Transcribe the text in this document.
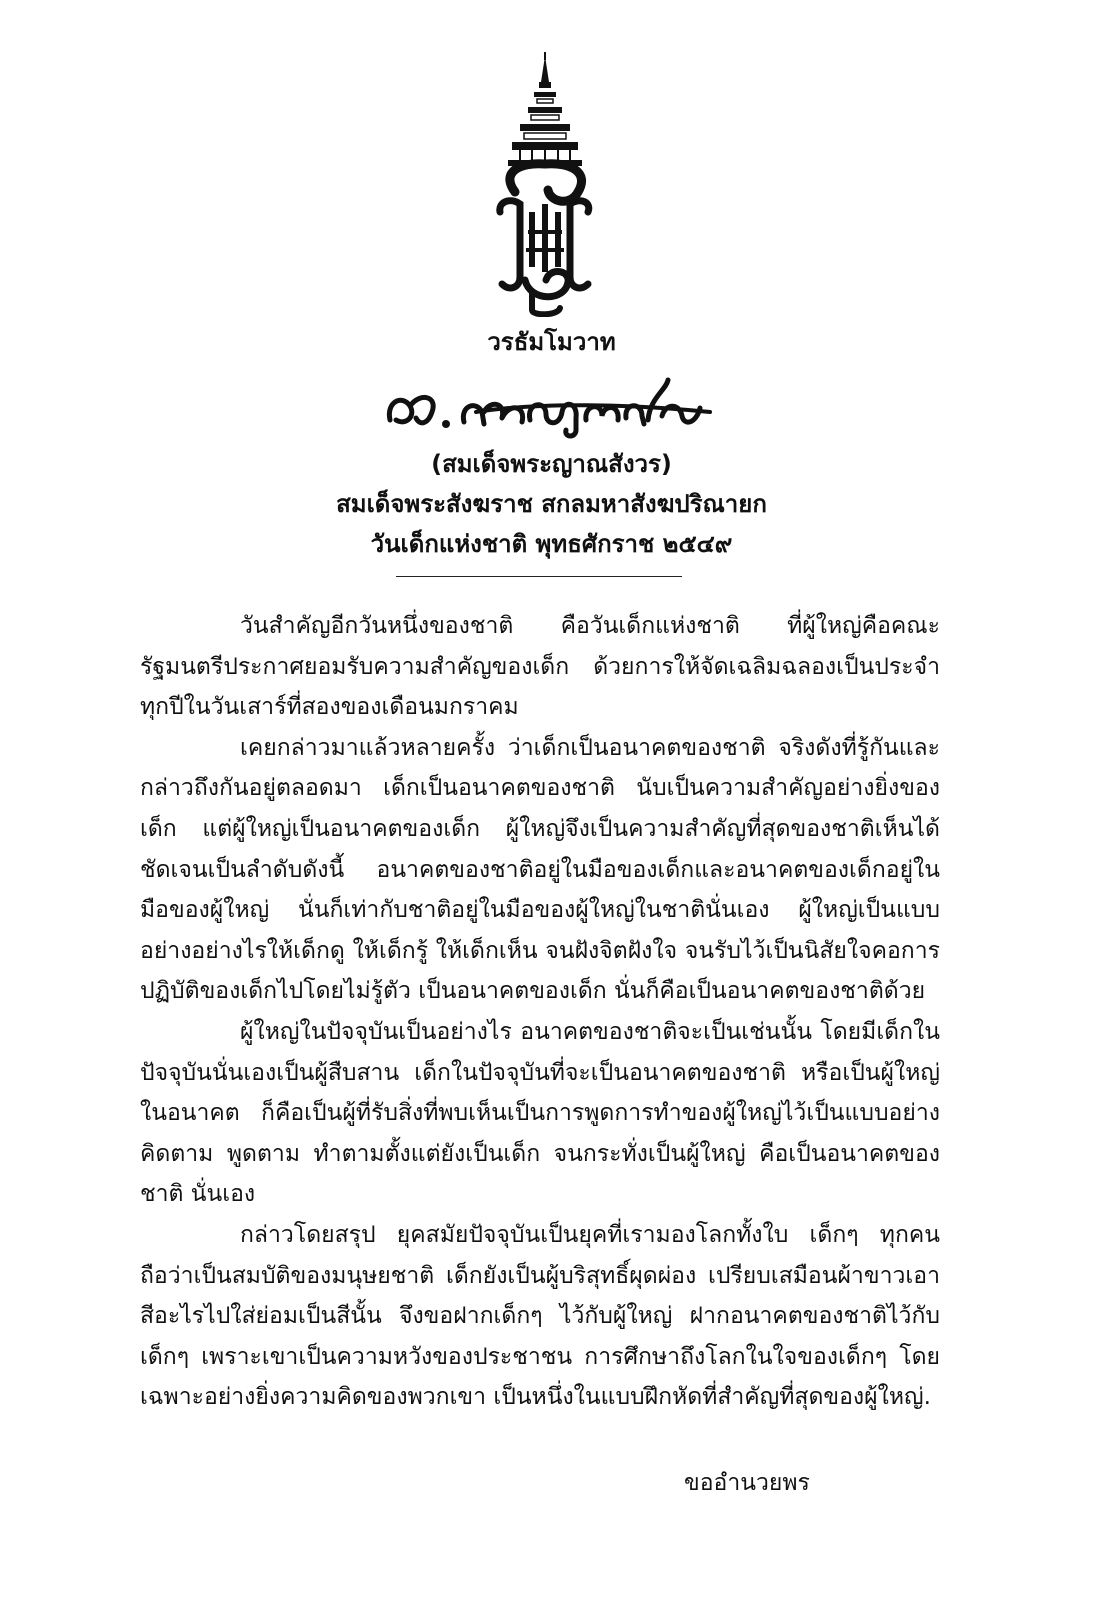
วรธัมโมวาท
(สมเด็จพระญาณสังวร)
สมเด็จพระสังฆราช สกลมหาสังฆปริณายก
วันเด็กแห่งชาติ พุทธศักราช ๒๕๔๙

วันสำคัญอีกวันหนึ่งของชาติ คือวันเด็กแห่งชาติ ที่ผู้ใหญ่คือคณะรัฐมนตรีประกาศยอมรับความสำคัญของเด็ก ด้วยการให้จัดเฉลิมฉลองเป็นประจำทุกปีในวันเสาร์ที่สองของเดือนมกราคม

เคยกล่าวมาแล้วหลายครั้ง ว่าเด็กเป็นอนาคตของชาติ จริงดังที่รู้กันและกล่าวถึงกันอยู่ตลอดมา เด็กเป็นอนาคตของชาติ นับเป็นความสำคัญอย่างยิ่งของเด็ก แต่ผู้ใหญ่เป็นอนาคตของเด็ก ผู้ใหญ่จึงเป็นความสำคัญที่สุดของชาติเห็นได้ชัดเจนเป็นลำดับดังนี้ อนาคตของชาติอยู่ในมือของเด็กและอนาคตของเด็กอยู่ในมือของผู้ใหญ่ นั่นก็เท่ากับชาติอยู่ในมือของผู้ใหญ่ในชาตินั่นเอง ผู้ใหญ่เป็นแบบอย่างอย่างไรให้เด็กดู ให้เด็กรู้ ให้เด็กเห็น จนฝังจิตฝังใจ จนรับไว้เป็นนิสัยใจคอการปฏิบัติของเด็กไปโดยไม่รู้ตัว เป็นอนาคตของเด็ก นั่นก็คือเป็นอนาคตของชาติด้วย

ผู้ใหญ่ในปัจจุบันเป็นอย่างไร อนาคตของชาติจะเป็นเช่นนั้น โดยมีเด็กในปัจจุบันนั่นเองเป็นผู้สืบสาน เด็กในปัจจุบันที่จะเป็นอนาคตของชาติ หรือเป็นผู้ใหญ่ในอนาคต ก็คือเป็นผู้ที่รับสิ่งที่พบเห็นเป็นการพูดการทำของผู้ใหญ่ไว้เป็นแบบอย่างคิดตาม พูดตาม ทำตามตั้งแต่ยังเป็นเด็ก จนกระทั่งเป็นผู้ใหญ่ คือเป็นอนาคตของชาติ นั่นเอง

กล่าวโดยสรุป ยุคสมัยปัจจุบันเป็นยุคที่เรามองโลกทั้งใบ เด็กๆ ทุกคนถือว่าเป็นสมบัติของมนุษยชาติ เด็กยังเป็นผู้บริสุทธิ์ผุดผ่อง เปรียบเสมือนผ้าขาวเอาสีอะไรไปใส่ย่อมเป็นสีนั้น จึงขอฝากเด็กๆ ไว้กับผู้ใหญ่ ฝากอนาคตของชาติไว้กับเด็กๆ เพราะเขาเป็นความหวังของประชาชน การศึกษาถึงโลกในใจของเด็กๆ โดยเฉพาะอย่างยิ่งความคิดของพวกเขา เป็นหนึ่งในแบบฝึกหัดที่สำคัญที่สุดของผู้ใหญ่.

ขออำนวยพร
